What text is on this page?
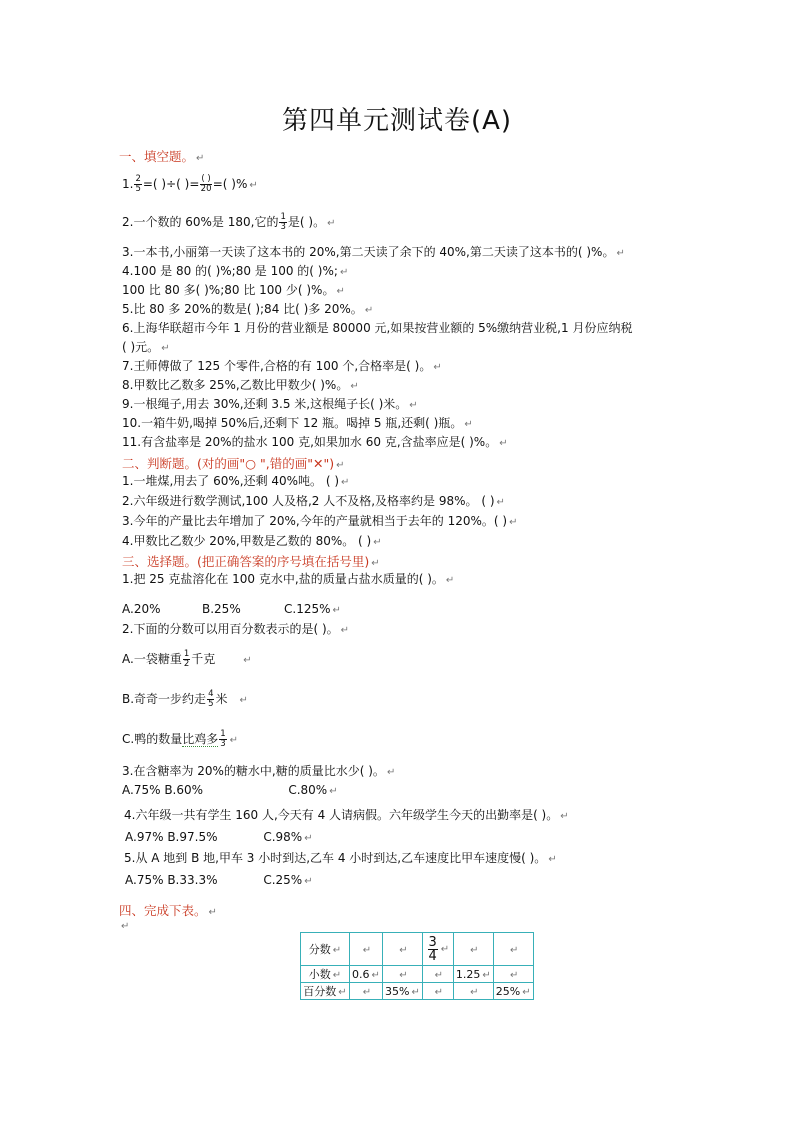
第四单元测试卷(A)
一、填空题。 ↵
1. $\frac{2}{5}$ =( )÷( )= $\frac{( )}{20}$ =( )% ↵
2.一个数的 60%是 180,它的 $\frac{1}{3}$ 是( )。 ↵
3.一本书,小丽第一天读了这本书的 20%,第二天读了余下的 40%,第二天读了这本书的( )%。 ↵
4.100 是 80 的( )%;80 是 100 的( )%; ↵
100 比 80 多( )%;80 比 100 少( )%。 ↵
5.比 80 多 20%的数是( );84 比( )多 20%。 ↵
6.上海华联超市今年 1 月份的营业额是 80000 元,如果按营业额的 5%缴纳营业税,1 月份应纳税
( )元。 ↵
7.王师傅做了 125 个零件,合格的有 100 个,合格率是( )。 ↵
8.甲数比乙数多 25%,乙数比甲数少( )%。 ↵
9.一根绳子,用去 30%,还剩 3.5 米,这根绳子长( )米。 ↵
10.一箱牛奶,喝掉 50%后,还剩下 12 瓶。喝掉 5 瓶,还剩( )瓶。 ↵
11.有含盐率是 20%的盐水 100 克,如果加水 60 克,含盐率应是( )%。 ↵
二、判断题。(对的画"○ ",错的画"✕") ↵
1.一堆煤,用去了 60%,还剩 40%吨。 ( ) ↵
2.六年级进行数学测试,100 人及格,2 人不及格,及格率约是 98%。 ( ) ↵
3.今年的产量比去年增加了 20%,今年的产量就相当于去年的 120%。( ) ↵
4.甲数比乙数少 20%,甲数是乙数的 80%。 ( ) ↵
三、选择题。(把正确答案的序号填在括号里) ↵
1.把 25 克盐溶化在 100 克水中,盐的质量占盐水质量的( )。 ↵
A.20%	B.25%	C.125% ↵
2.下面的分数可以用百分数表示的是( )。 ↵
A.一袋糖重 $\frac{1}{2}$ 千克	↵
B.奇奇一步约走 $\frac{4}{5}$ 米 ↵
C.鸭的数量比鸡多 $\frac{1}{3}$ ↵
3.在含糖率为 20%的糖水中,糖的质量比水少( )。 ↵
A.75% B.60%	C.80% ↵
4.六年级一共有学生 160 人,今天有 4 人请病假。六年级学生今天的出勤率是( )。 ↵
A.97% B.97.5%	C.98% ↵
5.从 A 地到 B 地,甲车 3 小时到达,乙车 4 小时到达,乙车速度比甲车速度慢( )。 ↵
A.75% B.33.3%	C.25% ↵
四、完成下表。 ↵
↵
分数 ↵	↵	↵	$\frac{3}{4}$ ↵	↵	↵
小数 ↵	0.6 ↵	↵	↵	1.25 ↵	↵
百分数 ↵	↵	35% ↵	↵	↵	25% ↵
